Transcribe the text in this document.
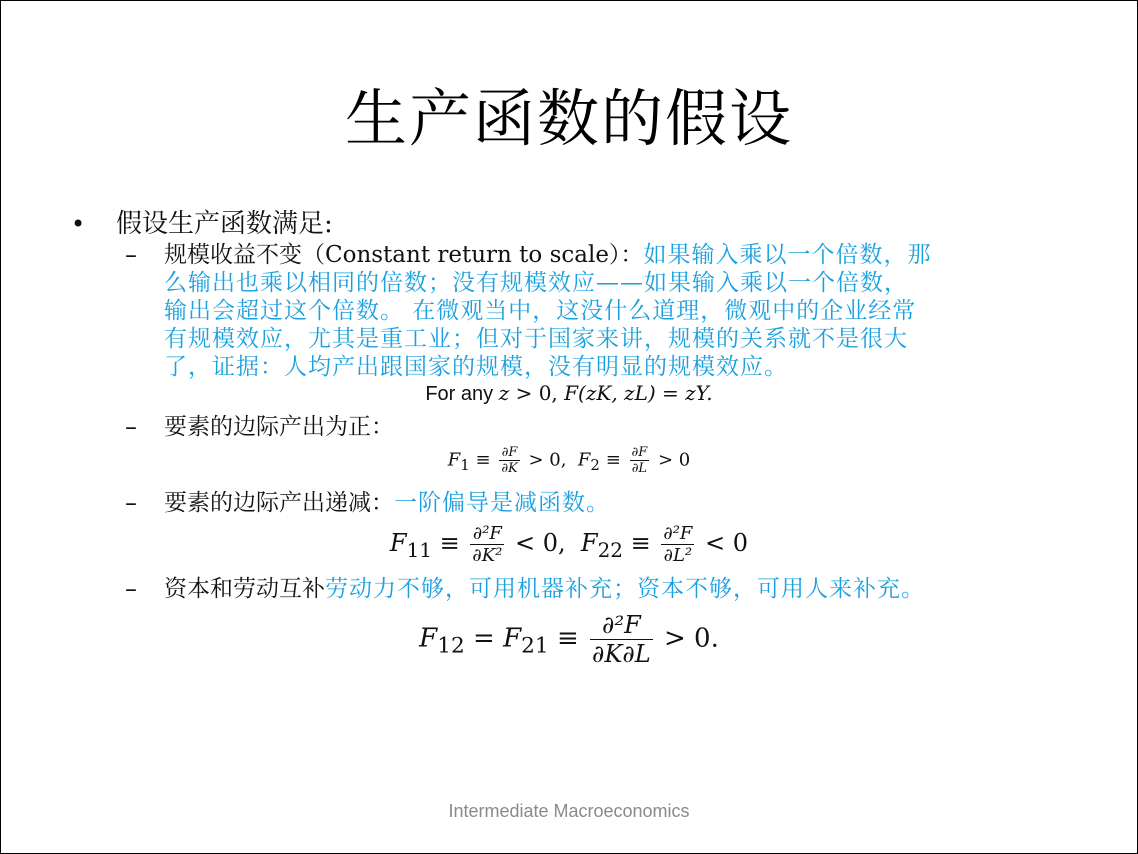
生产函数的假设
• 假设生产函数满足:
– 规模收益不变（Constant return to scale）：如果输入乘以一个倍数，那
么输出也乘以相同的倍数；没有规模效应——如果输入乘以一个倍数，
输出会超过这个倍数。 在微观当中，这没什么道理，微观中的企业经常
有规模效应，尤其是重工业；但对于国家来讲，规模的关系就不是很大
了，证据：人均产出跟国家的规模，没有明显的规模效应。
For any z > 0, F(zK, zL) = zY.
– 要素的边际产出为正：
$F_1 \equiv \frac{\partial F}{\partial K} > 0$, $F_2 \equiv \frac{\partial F}{\partial L} > 0$
– 要素的边际产出递减：一阶偏导是减函数。
$F_{11} \equiv \frac{\text{∂²F}}{\text{∂K²}} < 0$, $F_{22} \equiv \frac{\text{∂²F}}{\text{∂L²}} < 0$
– 资本和劳动互补劳动力不够，可用机器补充；资本不够，可用人来补充。
$F_{12} = F_{21} \equiv \frac{\text{∂²F}}{\partial K\partial L} > 0$.
Intermediate Macroeconomics
